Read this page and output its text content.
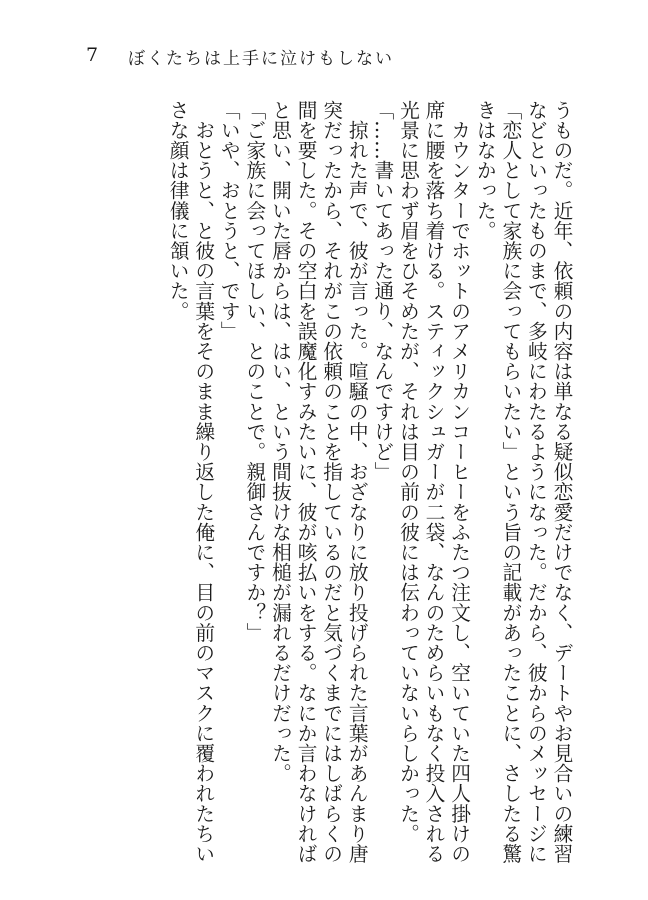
7 ぼくたちは上手に泣けもしない
うものだ。近年、依頼の内容は単なる疑似恋愛だけでなく、デートやお見合いの練習
などといったものまで、多岐にわたるようになった。だから、彼からのメッセージに
「恋人として家族に会ってもらいたい」という旨の記載があったことに、さしたる驚
きはなかった。
　カウンターでホットのアメリカンコーヒーをふたつ注文し、空いていた四人掛けの
席に腰を落ち着ける。スティックシュガーが二袋、なんのためらいもなく投入される
光景に思わず眉をひそめたが、それは目の前の彼には伝わっていないらしかった。
「……書いてあった通り、なんですけど」
　掠れた声で、彼が言った。喧騒の中、おざなりに放り投げられた言葉があんまり唐
突だったから、それがこの依頼のことを指しているのだと気づくまでにはしばらくの
間を要した。その空白を誤魔化すみたいに、彼が咳払いをする。なにか言わなければ
と思い、開いた唇からは、はい、という間抜けな相槌が漏れるだけだった。
「ご家族に会ってほしい、とのことで。親御さんですか？」
「いや、おとうと、です」
　おとうと、と彼の言葉をそのまま繰り返した俺に、目の前のマスクに覆われたちい
さな顔は律儀に頷いた。
